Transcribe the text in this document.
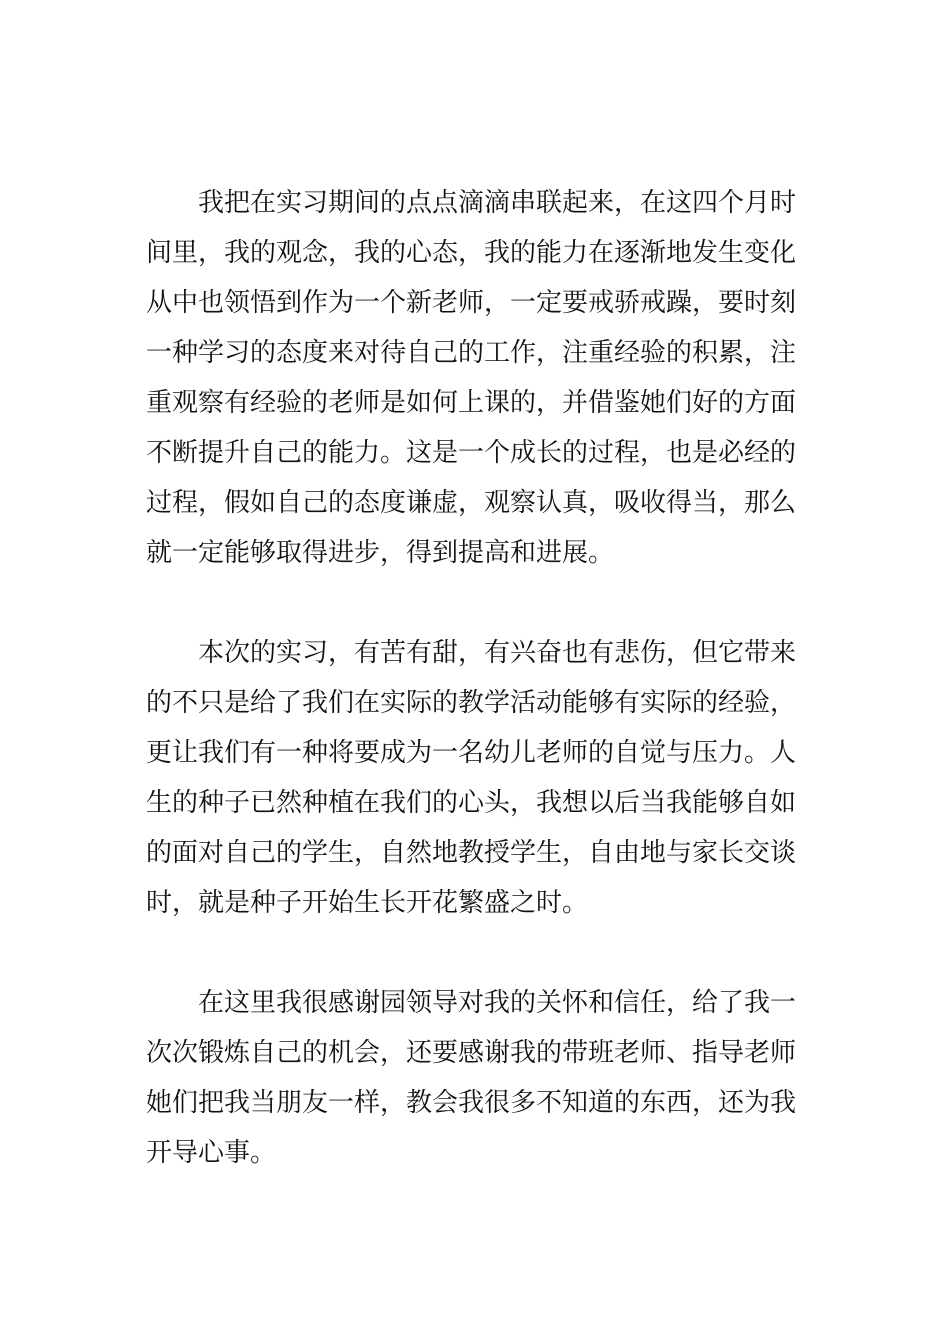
我把在实习期间的点点滴滴串联起来，在这四个月时
间里，我的观念，我的心态，我的能力在逐渐地发生变化
从中也领悟到作为一个新老师，一定要戒骄戒躁，要时刻
一种学习的态度来对待自己的工作，注重经验的积累，注
重观察有经验的老师是如何上课的，并借鉴她们好的方面
不断提升自己的能力。这是一个成长的过程，也是必经的
过程，假如自己的态度谦虚，观察认真，吸收得当，那么
就一定能够取得进步，得到提高和进展。

本次的实习，有苦有甜，有兴奋也有悲伤，但它带来
的不只是给了我们在实际的教学活动能够有实际的经验，
更让我们有一种将要成为一名幼儿老师的自觉与压力。人
生的种子已然种植在我们的心头，我想以后当我能够自如
的面对自己的学生，自然地教授学生，自由地与家长交谈
时，就是种子开始生长开花繁盛之时。

在这里我很感谢园领导对我的关怀和信任，给了我一
次次锻炼自己的机会，还要感谢我的带班老师、指导老师
她们把我当朋友一样，教会我很多不知道的东西，还为我
开导心事。
